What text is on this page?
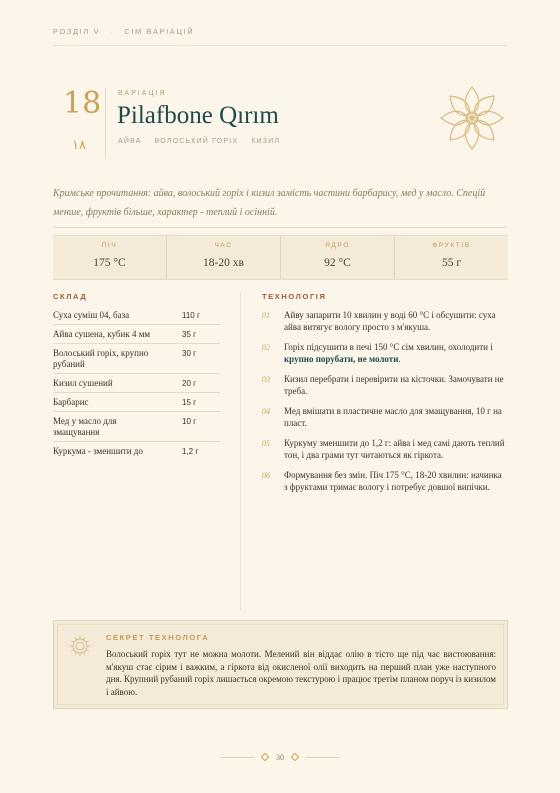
РОЗДІЛ V · СІМ ВАРІАЦІЙ
18
١٨
ВАРІАЦІЯ
Pilafbone Qırım
АЙВА ВОЛОСЬКИЙ ГОРІХ КИЗИЛ
Кримське прочитання: айва, волоський горіх і кизил замість частини барбарису, мед у масло. Спецій менше, фруктів більше, характер - теплий і осінній.
ПІЧ
175 °C
ЧАС
18-20 хв
ЯДРО
92 °C
ФРУКТІВ
55 г
СКЛАД	ТЕХНОЛОГІЯ
Суха суміш 04, база	110 г
Айва сушена, кубик 4 мм	35 г
Волоський горіх, крупно рубаний
30 г
Кизил сушений	20 г
Барбарис	15 г
Мед у масло для змащування
10 г
Куркума - зменшити до	1,2 г
01	Айву запарити 10 хвилин у воді 60 °C і обсушити: суха айва витягує вологу просто з м'якуша.
02	Горіх підсушити в печі 150 °C сім хвилин, охолодити і крупно порубати, не молоти.
03	Кизил перебрати і перевірити на кісточки. Замочувати не треба.
04	Мед вмішати в пластичне масло для змащування, 10 г на пласт.
05	Куркуму зменшити до 1,2 г: айва і мед самі дають теплий тон, і два грами тут читаються як гіркота.
06	Формування без змін. Піч 175 °C, 18-20 хвилин: начинка з фруктами тримає вологу і потребує довшої випічки.
СЕКРЕТ ТЕХНОЛОГА
Волоський горіх тут не можна молоти. Мелений він віддає олію в тісто ще під час вистоювання: м'якуш стає сірим і важким, а гіркота від окисленої олії виходить на перший план уже наступного дня. Крупний рубаний горіх лишається окремою текстурою і працює третім планом поруч із кизилом і айвою.
30
